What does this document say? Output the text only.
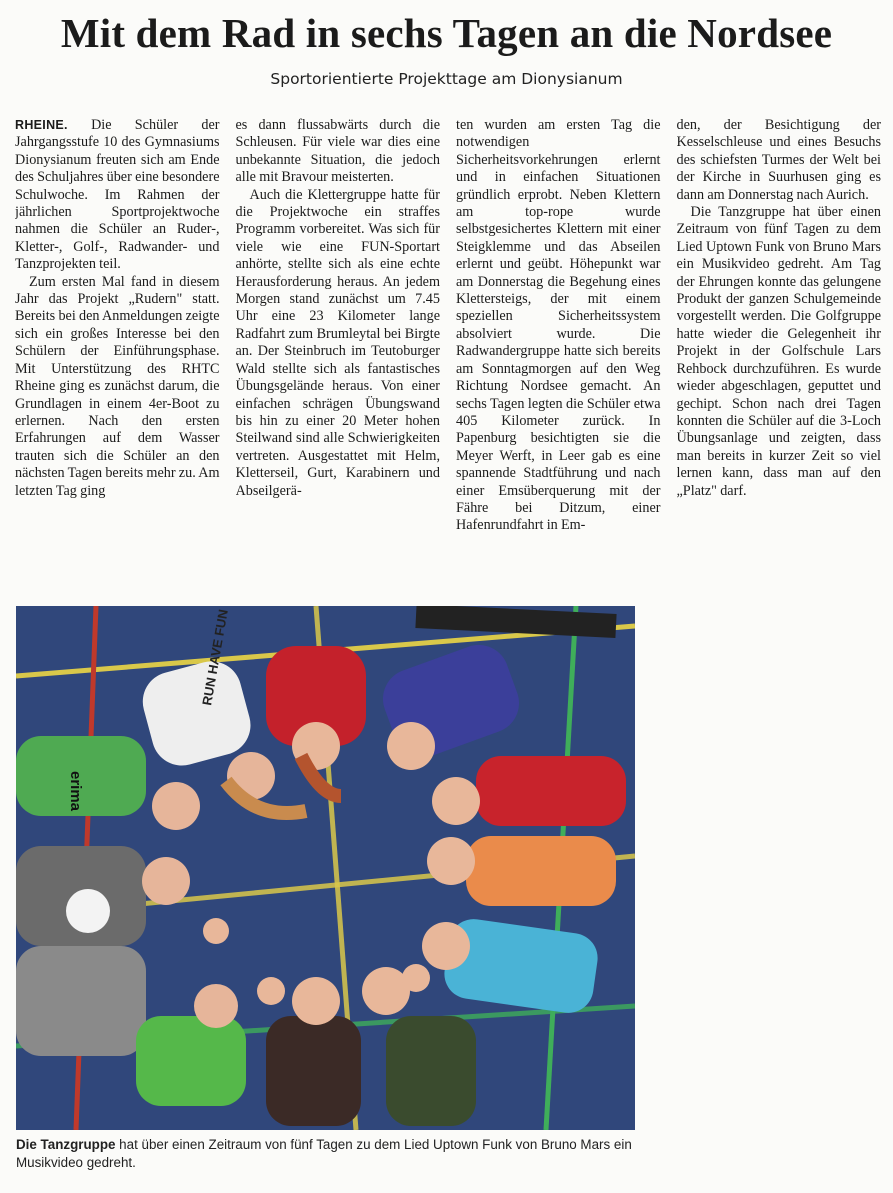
Mit dem Rad in sechs Tagen an die Nordsee
Sportorientierte Projekttage am Dionysianum

RHEINE. Die Schüler der Jahrgangsstufe 10 des Gymnasiums Dionysianum freuten sich am Ende des Schuljahres über eine besondere Schulwoche. Im Rahmen der jährlichen Sportprojektwoche nahmen die Schüler an Ruder-, Kletter-, Golf-, Radwander- und Tanzprojekten teil.

Zum ersten Mal fand in diesem Jahr das Projekt „Rudern" statt. Bereits bei den Anmeldungen zeigte sich ein großes Interesse bei den Schülern der Einführungsphase. Mit Unterstützung des RHTC Rheine ging es zunächst darum, die Grundlagen in einem 4er-Boot zu erlernen. Nach den ersten Erfahrungen auf dem Wasser trauten sich die Schüler an den nächsten Tagen bereits mehr zu. Am letzten Tag ging

es dann flussabwärts durch die Schleusen. Für viele war dies eine unbekannte Situation, die jedoch alle mit Bravour meisterten.

Auch die Klettergruppe hatte für die Projektwoche ein straffes Programm vorbereitet. Was sich für viele wie eine FUN-Sportart anhörte, stellte sich als eine echte Herausforderung heraus. An jedem Morgen stand zunächst um 7.45 Uhr eine 23 Kilometer lange Radfahrt zum Brumleytal bei Birgte an. Der Steinbruch im Teutoburger Wald stellte sich als fantastisches Übungsgelände heraus. Von einer einfachen schrägen Übungswand bis hin zu einer 20 Meter hohen Steilwand sind alle Schwierigkeiten vertreten. Ausgestattet mit Helm, Kletterseil, Gurt, Karabinern und Abseilgerä-

ten wurden am ersten Tag die notwendigen Sicherheitsvorkehrungen erlernt und in einfachen Situationen gründlich erprobt. Neben Klettern am top-rope wurde selbstgesichertes Klettern mit einer Steigklemme und das Abseilen erlernt und geübt. Höhepunkt war am Donnerstag die Begehung eines Klettersteigs, der mit einem speziellen Sicherheitssystem absolviert wurde. Die Radwandergruppe hatte sich bereits am Sonntagmorgen auf den Weg Richtung Nordsee gemacht. An sechs Tagen legten die Schüler etwa 405 Kilometer zurück. In Papenburg besichtigten sie die Meyer Werft, in Leer gab es eine spannende Stadtführung und nach einer Emsüberquerung mit der Fähre bei Ditzum, einer Hafenrundfahrt in Em-

den, der Besichtigung der Kesselschleuse und eines Besuchs des schiefsten Turmes der Welt bei der Kirche in Suurhusen ging es dann am Donnerstag nach Aurich.

Die Tanzgruppe hat über einen Zeitraum von fünf Tagen zu dem Lied Uptown Funk von Bruno Mars ein Musikvideo gedreht. Am Tag der Ehrungen konnte das gelungene Produkt der ganzen Schulgemeinde vorgestellt werden. Die Golfgruppe hatte wieder die Gelegenheit ihr Projekt in der Golfschule Lars Rehbock durchzuführen. Es wurde wieder abgeschlagen, geputtet und gechipt. Schon nach drei Tagen konnten die Schüler auf die 3-Loch Übungsanlage und zeigten, dass man bereits in kurzer Zeit so viel lernen kann, dass man auf den „Platz" darf.

RUN HAVE FUN
erima
Die Tanzgruppe hat über einen Zeitraum von fünf Tagen zu dem Lied Uptown Funk von Bruno Mars ein Musikvideo gedreht.
